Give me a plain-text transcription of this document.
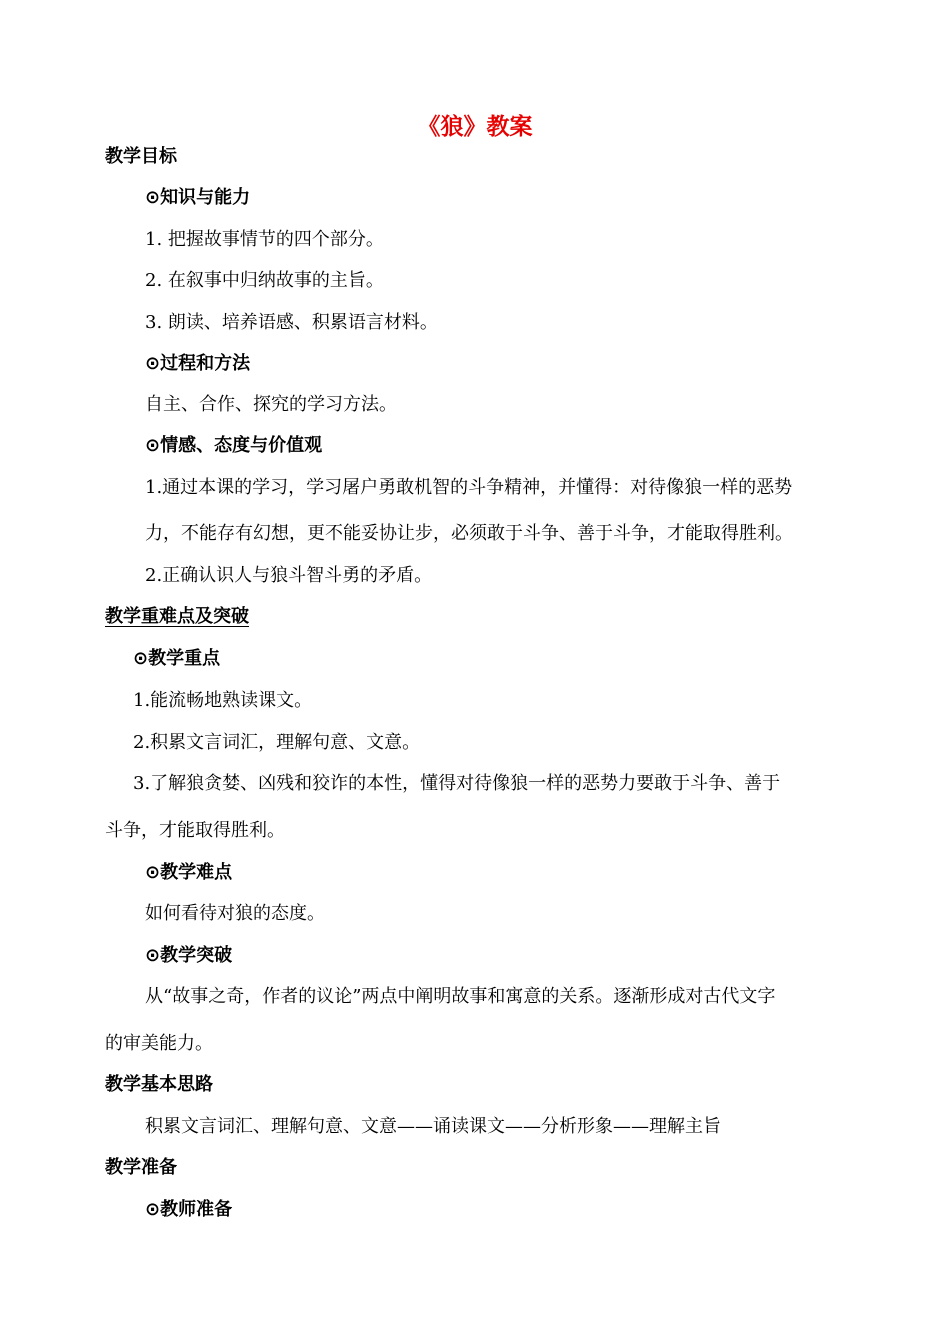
《狼》教案
教学目标
⊙知识与能力
1. 把握故事情节的四个部分。
2. 在叙事中归纳故事的主旨。
3. 朗读、培养语感、积累语言材料。
⊙过程和方法
自主、合作、探究的学习方法。
⊙情感、态度与价值观
1.通过本课的学习，学习屠户勇敢机智的斗争精神，并懂得：对待像狼一样的恶势
力，不能存有幻想，更不能妥协让步，必须敢于斗争、善于斗争，才能取得胜利。
2.正确认识人与狼斗智斗勇的矛盾。
教学重难点及突破
⊙教学重点
1.能流畅地熟读课文。
2.积累文言词汇，理解句意、文意。
3.了解狼贪婪、凶残和狡诈的本性，懂得对待像狼一样的恶势力要敢于斗争、善于
斗争，才能取得胜利。
⊙教学难点
如何看待对狼的态度。
⊙教学突破
从“故事之奇，作者的议论”两点中阐明故事和寓意的关系。逐渐形成对古代文字
的审美能力。
教学基本思路
积累文言词汇、理解句意、文意——诵读课文——分析形象——理解主旨
教学准备
⊙教师准备
